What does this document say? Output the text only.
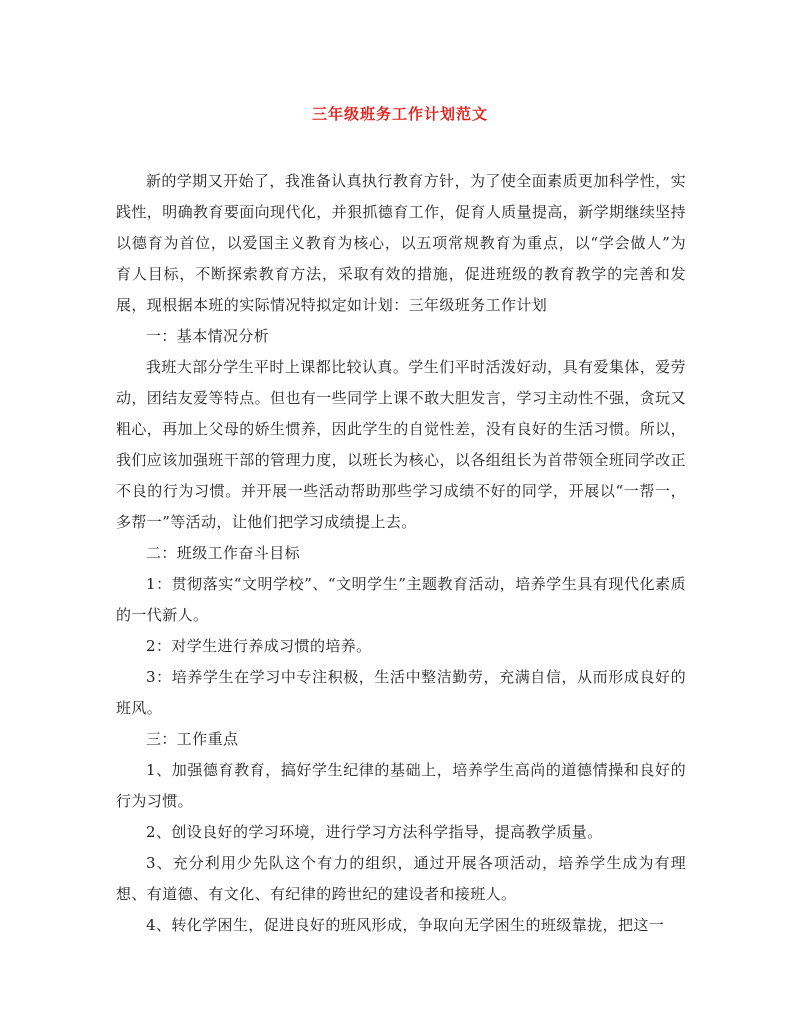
三年级班务工作计划范文

新的学期又开始了，我准备认真执行教育方针，为了使全面素质更加科学性，实践性，明确教育要面向现代化，并狠抓德育工作，促育人质量提高，新学期继续坚持以德育为首位，以爱国主义教育为核心，以五项常规教育为重点，以“学会做人”为育人目标，不断探索教育方法，采取有效的措施，促进班级的教育教学的完善和发展，现根据本班的实际情况特拟定如计划：三年级班务工作计划

一：基本情况分析

我班大部分学生平时上课都比较认真。学生们平时活泼好动，具有爱集体，爱劳动，团结友爱等特点。但也有一些同学上课不敢大胆发言，学习主动性不强，贪玩又粗心，再加上父母的娇生惯养，因此学生的自觉性差，没有良好的生活习惯。所以，我们应该加强班干部的管理力度，以班长为核心，以各组组长为首带领全班同学改正不良的行为习惯。并开展一些活动帮助那些学习成绩不好的同学，开展以“一帮一，多帮一”等活动，让他们把学习成绩提上去。

二：班级工作奋斗目标

1：贯彻落实“文明学校”、“文明学生”主题教育活动，培养学生具有现代化素质的一代新人。

2：对学生进行养成习惯的培养。

3：培养学生在学习中专注积极，生活中整洁勤劳，充满自信，从而形成良好的班风。

三：工作重点

1、加强德育教育，搞好学生纪律的基础上，培养学生高尚的道德情操和良好的行为习惯。

2、创设良好的学习环境，进行学习方法科学指导，提高教学质量。

3、充分利用少先队这个有力的组织，通过开展各项活动，培养学生成为有理想、有道德、有文化、有纪律的跨世纪的建设者和接班人。

4、转化学困生，促进良好的班风形成，争取向无学困生的班级靠拢，把这一
